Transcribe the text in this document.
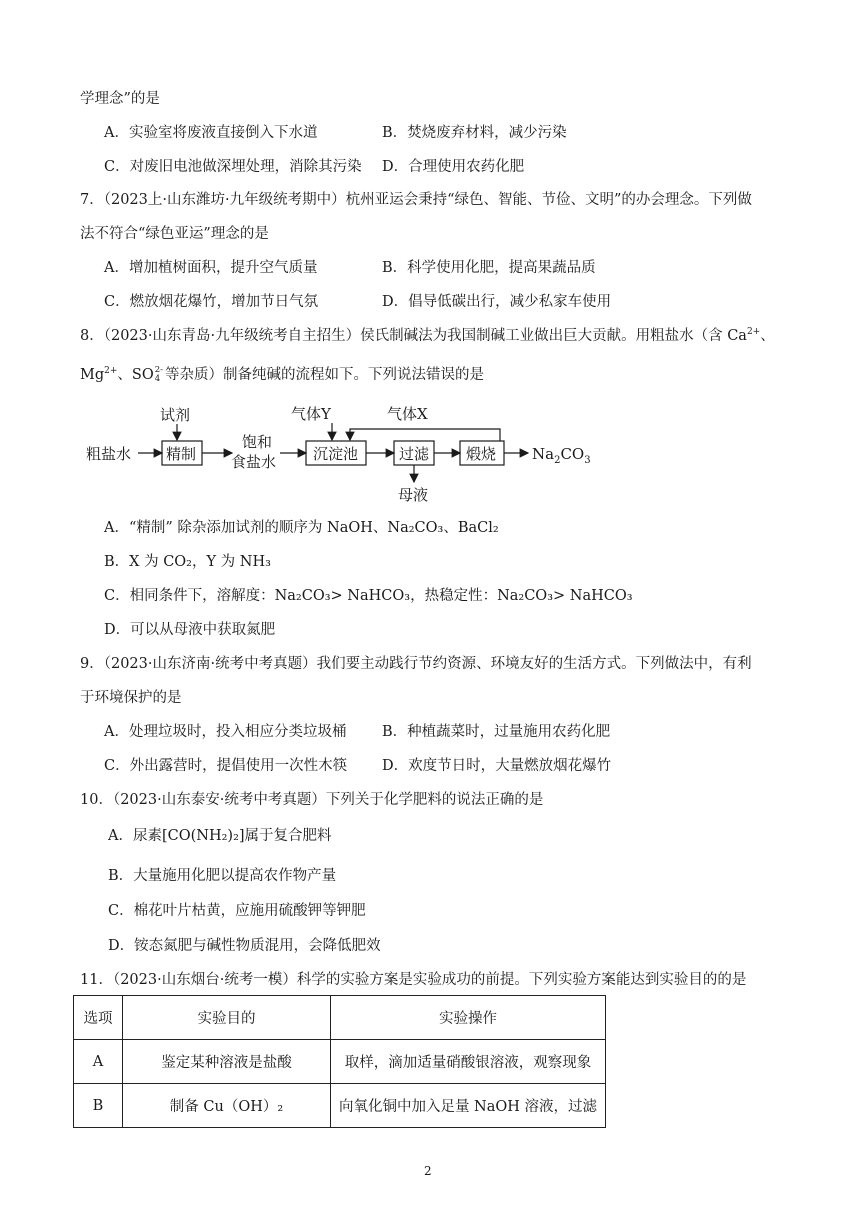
学理念”的是
A．实验室将废液直接倒入下水道	B．焚烧废弃材料，减少污染
C．对废旧电池做深埋处理，消除其污染 D．合理使用农药化肥
7．（2023上·山东潍坊·九年级统考期中）杭州亚运会秉持“绿色、智能、节俭、文明”的办会理念。下列做
法不符合“绿色亚运”理念的是
A．增加植树面积，提升空气质量	B．科学使用化肥，提高果蔬品质
C．燃放烟花爆竹，增加节日气氛	D．倡导低碳出行，减少私家车使用
8．（2023·山东青岛·九年级统考自主招生）侯氏制碱法为我国制碱工业做出巨大贡献。用粗盐水（含 $Ca^{2+}$、
$Mg^{2+}$、SO 2-
4 等杂质）制备纯碱的流程如下。下列说法错误的是
粗盐水
试剂
精制
饱和
食盐水
气体Y	气体X
沉淀池	过滤
母液
煅烧 $Na_2CO_3$
A．“精制” 除杂添加试剂的顺序为 NaOH、Na₂CO₃、BaCl₂
B．X 为 CO₂，Y 为 NH₃
C．相同条件下，溶解度：Na₂CO₃> NaHCO₃，热稳定性：Na₂CO₃> NaHCO₃
D．可以从母液中获取氮肥
9．（2023·山东济南·统考中考真题）我们要主动践行节约资源、环境友好的生活方式。下列做法中，有利
于环境保护的是
A．处理垃圾时，投入相应分类垃圾桶 B．种植蔬菜时，过量施用农药化肥
C．外出露营时，提倡使用一次性木筷 D．欢度节日时，大量燃放烟花爆竹
10．（2023·山东泰安·统考中考真题）下列关于化学肥料的说法正确的是
A．尿素[CO(NH₂)₂]属于复合肥料
B．大量施用化肥以提高农作物产量
C．棉花叶片枯黄，应施用硫酸钾等钾肥
D．铵态氮肥与碱性物质混用，会降低肥效
11．（2023·山东烟台·统考一模）科学的实验方案是实验成功的前提。下列实验方案能达到实验目的的是
选项	实验目的	实验操作
A	鉴定某种溶液是盐酸	取样，滴加适量硝酸银溶液，观察现象
B	制备 Cu（OH）₂	向氧化铜中加入足量 NaOH 溶液，过滤
2
